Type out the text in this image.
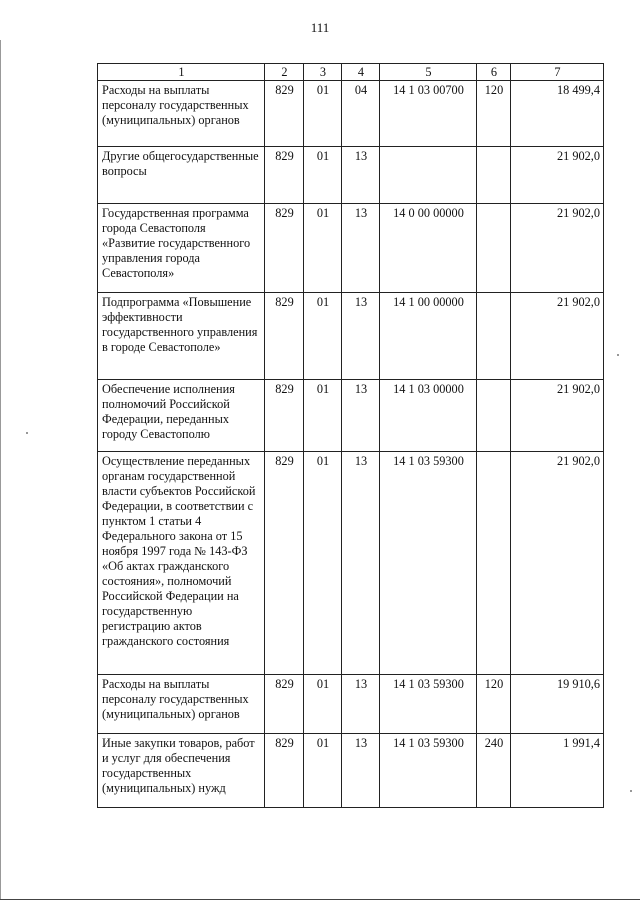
111
1	2	3	4	5	6	7
Расходы на выплаты персоналу государственных (муниципальных) органов	829	01	04	14 1 03 00700	120	18 499,4
Другие общегосударственные вопросы	829	01	13			21 902,0
Государственная программа города Севастополя «Развитие государственного управления города Севастополя»	829	01	13	14 0 00 00000		21 902,0
Подпрограмма «Повышение эффективности государственного управления в городе Севастополе»	829	01	13	14 1 00 00000		21 902,0
Обеспечение исполнения полномочий Российской Федерации, переданных городу Севастополю	829	01	13	14 1 03 00000		21 902,0
Осуществление переданных органам государственной власти субъектов Российской Федерации, в соответствии с пунктом 1 статьи 4 Федерального закона от 15 ноября 1997 года № 143-ФЗ «Об актах гражданского состояния», полномочий Российской Федерации на государственную регистрацию актов гражданского состояния	829	01	13	14 1 03 59300		21 902,0
Расходы на выплаты персоналу государственных (муниципальных) органов	829	01	13	14 1 03 59300	120	19 910,6
Иные закупки товаров, работ и услуг для обеспечения государственных (муниципальных) нужд	829	01	13	14 1 03 59300	240	1 991,4
